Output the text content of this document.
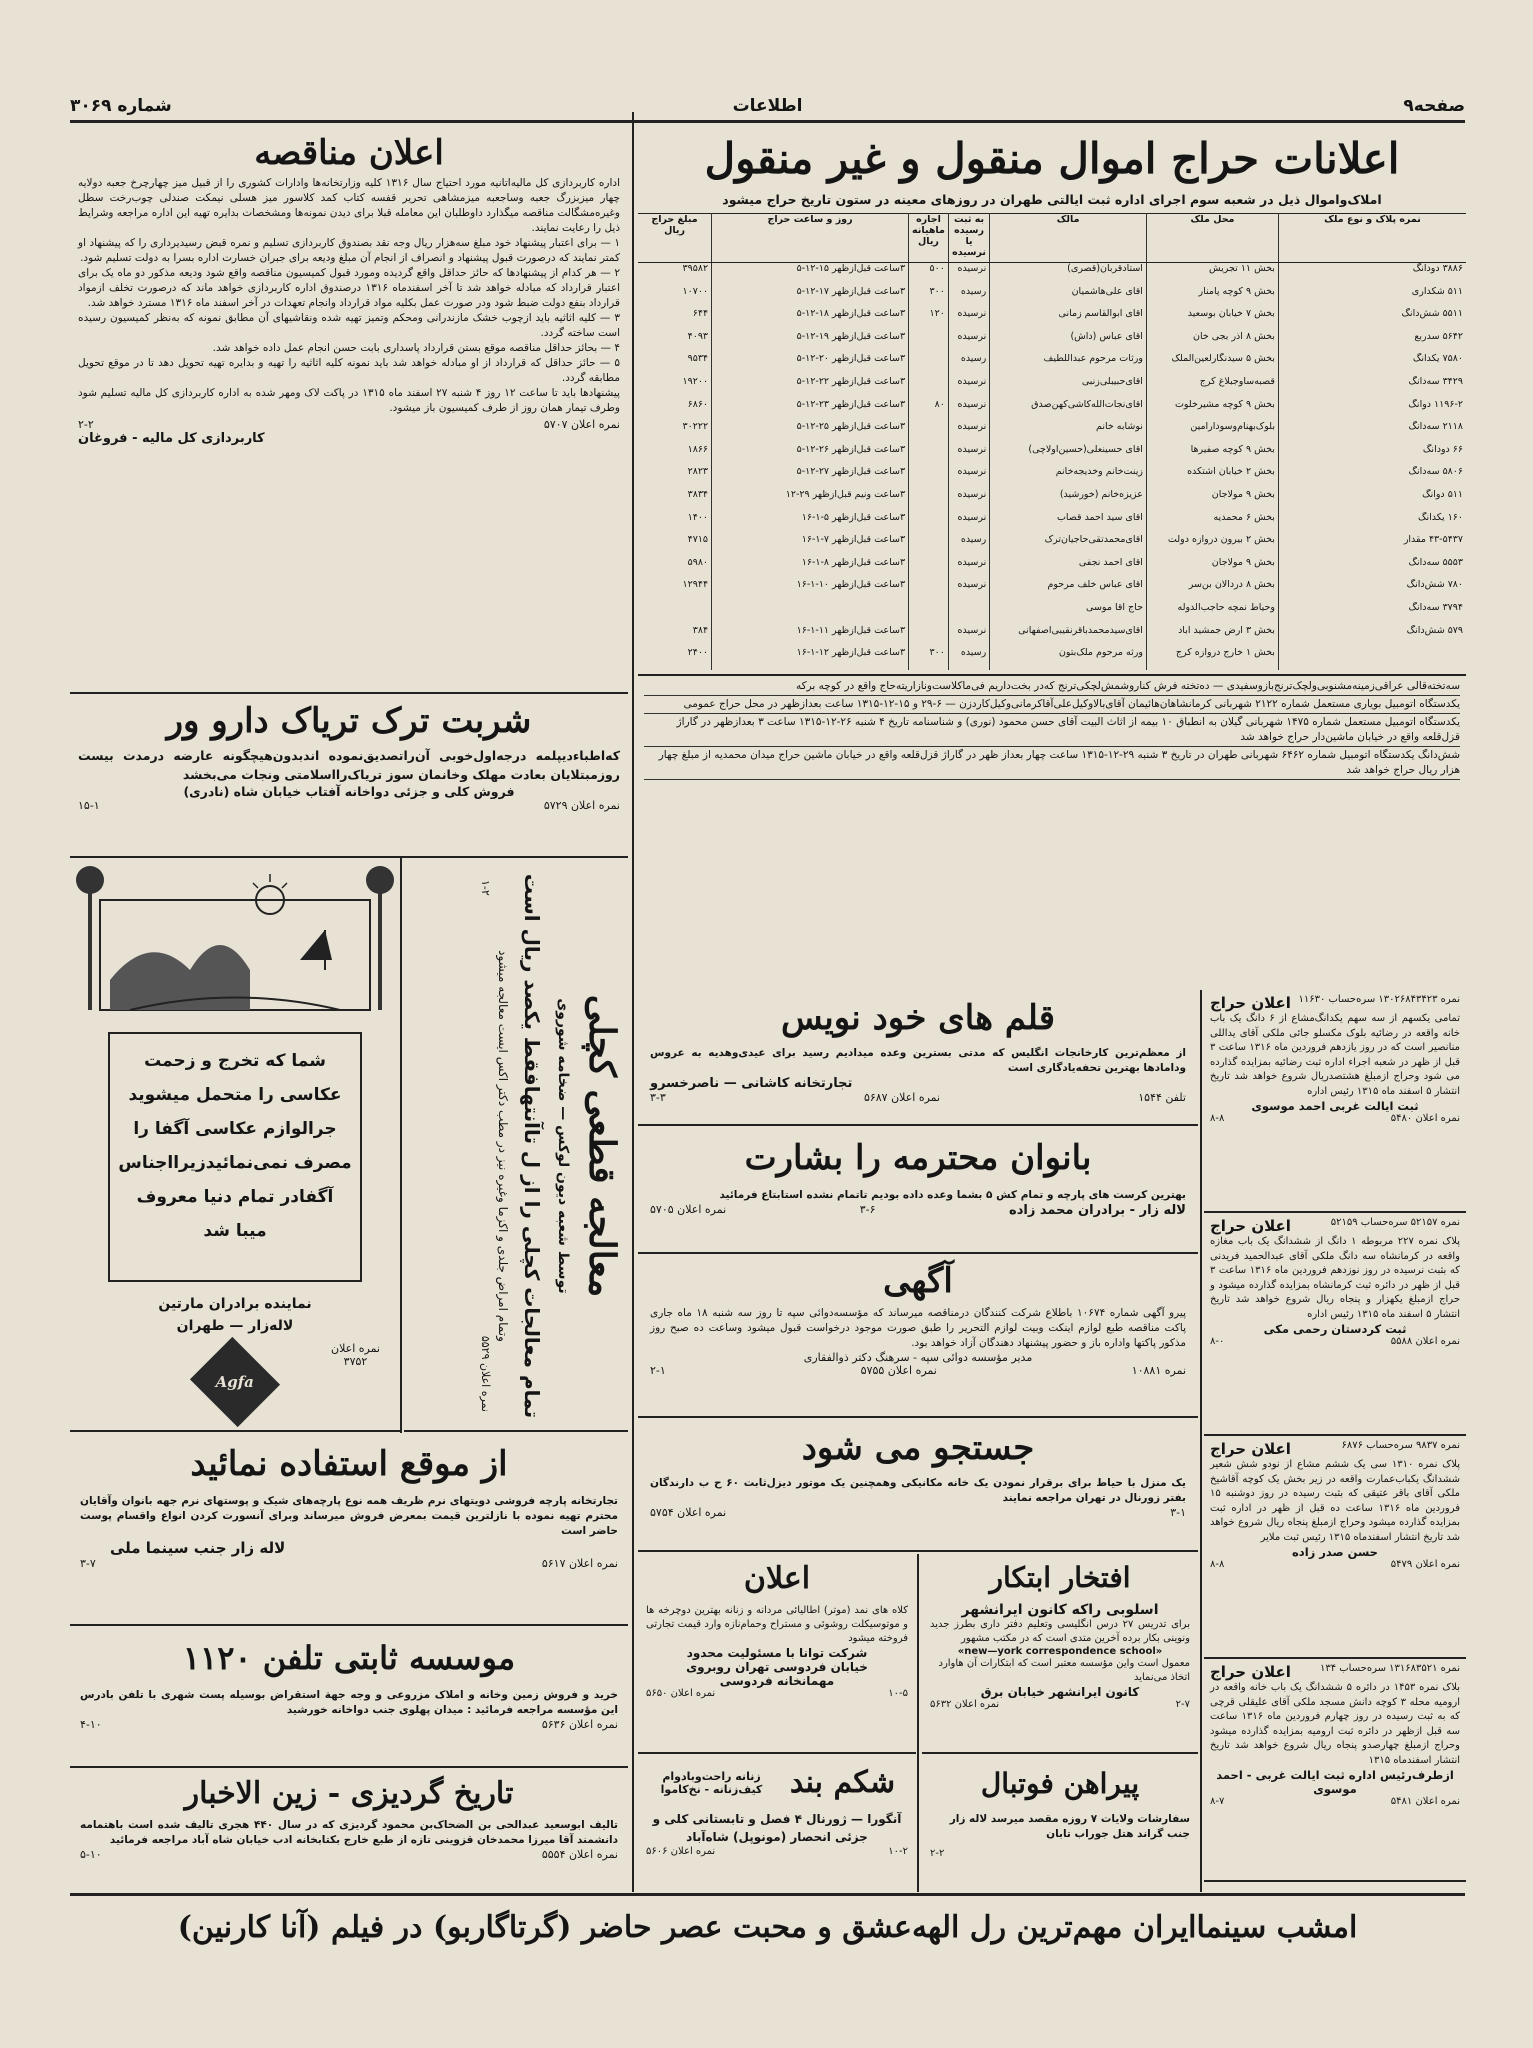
صفحه۹
اطلاعات
شماره ۳۰۶۹
اعلانات حراج اموال منقول و غیر منقول
املاک‌واموال ذیل در شعبه سوم اجرای اداره ثبت ایالتی طهران در روزهای معینه در ستون تاریخ حراج میشود
نمره پلاک و نوع ملک	محل ملک	مالک	به ثبت رسیده یا نرسیده	اجاره ماهیانه ریال	روز و ساعت حراج	مبلغ حراج ریال
۳۸۸۶ دودانگ	بخش ۱۱ تجریش	استادقربان(قصری)	نرسیده	۵۰۰	۳ساعت قبل‌ازظهر ۱۵-۱۲-۵	۳۹۵۸۲
۵۱۱ شکداری	بخش ۹ کوچه پامنار	آقای علی‌هاشمیان	رسیده	۳۰۰	۳ساعت قبل‌ازظهر ۱۷-۱۲-۵	۱۰۷۰۰
۵۵۱۱ شش‌دانگ	بخش ۷ خیابان بوسعید	آقای ابوالقاسم زمانی	نرسیده	۱۲۰	۳ساعت قبل‌ازظهر ۱۸-۱۲-۵	۶۴۴
۵۶۴۲ سدربع	بخش ۸ آذر بجی خان	آقای عباس (داش)	نرسیده		۳ساعت قبل‌ازظهر ۱۹-۱۲-۵	۴۰۹۳
۷۵۸۰ یکدانگ	بخش ۵ سیدنگارلعین‌الملک	ورثات مرحوم عبداللطیف	رسیده		۳ساعت قبل‌ازظهر ۲۰-۱۲-۵	۹۵۳۴
۳۴۲۹ سه‌دانگ	قصبه‌ساوجبلاغ کرج	آقای‌حبیبلی‌زنبی	نرسیده		۳ساعت قبل‌ازظهر ۲۲-۱۲-۵	۱۹۲۰۰
۱۱۹۶-۲ دوانگ	بخش ۹ کوچه مشیرخلوت	آقای‌نجات‌الله‌کاشی‌کهن‌صدق	نرسیده	۸۰	۳ساعت قبل‌ازظهر ۲۳-۱۲-۵	۶۸۶۰
۲۱۱۸ سه‌دانگ	بلوک‌بهنام‌وسودار‌امین	نوشابه خانم	نرسیده		۳ساعت قبل‌ازظهر ۲۵-۱۲-۵	۳۰۲۲۲
۶۶ دودانگ	بخش ۹ کوچه صفیرها	آقای حسینعلی(حسین‌اولاچی)	نرسیده		۳ساعت قبل‌ازظهر ۲۶-۱۲-۵	۱۸۶۶
۵۸۰۶ سه‌دانگ	بخش ۲ خیابان آشتکده	زینت‌خانم وخدیجه‌خانم	نرسیده		۳ساعت قبل‌ازظهر ۲۷-۱۲-۵	۲۸۲۳
۵۱۱ دوانگ	بخش ۹ مولاجان	عزیزه‌خانم (خورشید)	نرسیده		۳ساعت ونیم قبل‌ازظهر ۲۹-۱۲	۳۸۳۴
۱۶۰ یکدانگ	بخش ۶ محمدیه	آقای سید احمد قصاب	نرسیده		۳ساعت قبل‌ازظهر ۵-۱-۱۶	۱۴۰۰
۴۳-۵۴۳۷ مقدار	بخش ۲ بیرون دروازه دولت	آقای‌محمدتقی‌حاجیان‌ترک	رسیده		۳ساعت قبل‌ازظهر ۷-۱-۱۶	۴۷۱۵
۵۵۵۳ سه‌دانگ	بخش ۹ مولاجان	آقای احمد نجفی	نرسیده		۳ساعت قبل‌ازظهر ۸-۱-۱۶	۵۹۸۰
۷۸۰ شش‌دانگ	بخش ۸ دردالان بن‌سر	آقای عباس خلف مرحوم	نرسیده		۳ساعت قبل‌ازظهر ۱۰-۱-۱۶	۱۲۹۴۴
۳۷۹۴ سه‌دانگ	وحیاط نمچه حاجب‌الدوله	حاج آقا موسی				
۵۷۹ شش‌دانگ	بخش ۳ ارض جمشید آباد	آقای‌سیدمحمدباقر‌نقیبی‌اصفهانی	نرسیده		۳ساعت قبل‌ازظهر ۱۱-۱-۱۶	۳۸۴
	بخش ۱ خارج دروازه کرج	ورثه مرحوم ملک‌بتون	رسیده	۳۰۰	۳ساعت قبل‌ازظهر ۱۲-۱-۱۶	۲۴۰۰
سه‌تخته‌قالی عراقی‌زمینه‌مشنوبی‌ولچک‌ترنج‌بازوسفیدی — ده‌تخته فرش کناروشمش‌لچکی‌ترنج که‌در بخت‌داریم فی‌ماکلاست‌ونازاریته‌حاج واقع در کوچه برکه
یکدستگاه اتومبیل بویاری مستعمل شماره ۲۱۲۲ شهربانی کرمانشاهان‌هائیمان آقای‌بالاوکیل‌علی‌آقا‌کرمانی‌وکیل‌کاردزن — ۶-۲۹ و ۱۵-۱۲-۱۳۱۵ ساعت بعدازظهر در محل حراج عمومی
یکدستگاه اتومبیل مستعمل شماره ۱۴۷۵ شهربانی گیلان به انطباق ۱۰ بیمه از اثاث البیت آقای حسن محمود (نوری) و شناسنامه تاریخ ۴ شنبه ۲۶-۱۲-۱۳۱۵ ساعت ۳ بعدازظهر در گاراژ قزل‌قلعه واقع در خیابان ماشین‌دار حراج خواهد شد
شش‌دانگ یکدستگاه اتومبیل شماره ۶۴۶۲ شهربانی طهران در تاریخ ۳ شنبه ۲۹-۱۲-۱۳۱۵ ساعت چهار بعداز ظهر در گاراژ قزل‌قلعه واقع در خیابان ماشین حراج میدان محمدیه از مبلغ چهار هزار ریال حراج خواهد شد
اعلان مناقصه
اداره کاربردازی کل مالیه‌اتانیه مورد احتیاج سال ۱۳۱۶ کلیه وزارتخانه‌ها وادارات کشوری را از قبیل میز چهار‌چرخ جعبه دولایه چهار میز‌بزرگ جعبه وساجعبه میزمشاهی تحریر قفسه کتاب کمد کلاسور میز هسلی نیمکت صندلی چوب‌رخت سطل وغیره‌مشگالت مناقصه میگذارد داوطلبان این معامله قبلا برای دیدن نمونه‌ها ومشخصات بدایره تهیه این اداره مراجعه وشرایط ذیل را رعایت نمایند.
۱ — برای اعتبار پیشنهاد خود مبلغ سه‌هزار ریال وجه نقد بصندوق کاربردازی تسلیم و نمره قبض رسیدیرداری را که پیشنهاد او کمتر نمایند که درصورت قبول پیشنهاد و انصراف از انجام آن مبلغ ودیعه برای جبران خسارت اداره بسرا به دولت تسلیم شود.
۲ — هر کدام از پیشنهادها که حائز حداقل واقع گردیده ومورد قبول کمیسیون مناقصه واقع شود ودیعه مذکور دو ماه یک برای اعتبار قرارداد که مبادله خواهد شد تا آخر اسفندماه ۱۳۱۶ درصندوق اداره کاربردازی خواهد ماند که درصورت تخلف ازمواد قرارداد بنفع دولت ضبط شود ودر صورت عمل بکلیه مواد قرارداد وانجام تعهدات در آخر اسفند ماه ۱۳۱۶ مسترد خواهد شد.
۳ — کلیه اثاثیه باید ازچوب خشک مازندرانی ومحکم وتمیز تهیه شده ونقاشیهای آن مطابق نمونه که به‌نظر کمیسیون رسیده است ساخته گردد.
۴ — بحائز حداقل مناقصه موقع بستن قرارداد پاسداری بابت حسن انجام عمل داده خواهد شد.
۵ — حائز حداقل که قرارداد از او مبادله خواهد شد باید نمونه کلیه اثاثیه را تهیه و بدایره تهیه تحویل دهد تا در موقع تحویل مطابقه گردد.
پیشنهادها باید تا ساعت ۱۲ روز ۴ شنبه ۲۷ اسفند ماه ۱۳۱۵ در پاکت لاک ومهر شده به اداره کاربردازی کل مالیه تسلیم شود وطرف تیمار همان روز از طرف کمیسیون باز میشود.
نمره اعلان ۵۷۰۷
۲-۲
کاربردازی کل مالیه - فروغان
شربت ترک تریاک دارو ور
که‌اطباءدیپلمه درجه‌اول‌خوبی آن‌را‌تصدیق‌نموده اندبدون‌هیچگونه عارضه درمدت بیست روزمبتلایان بعادت مهلک وخانمان سوز تریاک‌رااسلامتی ونجات می‌بخشد
فروش کلی و جزئی دواخانه آفتاب خیابان شاه (نادری)
نمره اعلان ۵۷۲۹
۱۵-۱
شما که تخرج و زحمت
عکاسی را متحمل میشوید
جرالوازم عکاسی آگفا را
مصرف نمی‌نمائیدزیرااجناس
آگفادر تمام دنیا معروف
میبا شد
نماینده برادران مارتین
لاله‌زار — طهران
نمره اعلان
۳۷۵۲
Agfa
معالجه قطعی کچلی
توسط شعبه دیون لوکس — ضخامه شوروی
تمام معالجات کچلی را از ل تاآنتهافقط یکصد ریال است
وتمام امراض جلدی و اکزما وغیره نیز در مطب دکتر اکس ایست معالجه میشود
نمره اعلان ۵۵۲۹
۱-۲
از موقع استفاده نمائید
تجارتخانه پارچه فروشی دویتهای نرم ظریف همه نوع پارچه‌های شیک و پوستهای نرم جهه بانوان وآقایان محترم تهیه نموده با نازلترین قیمت بمعرض فروش میرساند وبرای آنسورت کردن انواع واقسام پوست حاضر است
لاله زار جنب سینما ملی
نمره اعلان ۵۶۱۷
۳-۷
موسسه ثابتی تلفن ۱۱۲۰
خرید و فروش زمین وخانه و املاک مزروعی و وجه جهة استقراض بوسیله پست شهری با تلفن بادرس این مؤسسه مراجعه فرمائید : میدان پهلوی جنب دواخانه خورشید
نمره اعلان ۵۶۳۶
۴-۱۰
تاریخ گردیزی - زین الاخبار
تالیف ابوسعید عبدالحی بن الضحاک‌بن محمود گردیزی که در سال ۴۴۰ هجری تالیف شده است باهتمامه دانشمند آقا میرزا محمدخان قزوینی تازه از طبع خارج بکتابخانه ادب خیابان شاه آباد مراجعه فرمائید
نمره اعلان ۵۵۵۴
۵-۱۰
قلم های خود نویس
از معظم‌ترین کارخانجات انگلیس که مدتی بسترین وعده میدادیم رسید برای عیدی‌وهدیه به عروس ودامادها بهترین تحفه‌یادگاری است
تجارتخانه کاشانی — ناصرخسرو
تلفن ۱۵۴۴
نمره اعلان ۵۶۸۷
۳-۳
بانوان محترمه را بشارت
بهترین کرست های پارچه و تمام کش ۵ بشما وعده داده بودیم تاتمام نشده استابتاع فرمائید
لاله زار - برادران محمد زاده
۳-۶
نمره اعلان ۵۷۰۵
آگهی
پیرو آگهی شماره ۱۰۶۷۴ باطلاع شرکت کنندگان درمناقصه میرساند که مؤسسه‌دوائی سپه تا روز سه شنبه ۱۸ ماه جاری پاکت مناقصه طبع لوازم اینکت وبیت لوازم التحریر را طبق صورت موجود درخواست قبول میشود وساعت ده صبح روز مذکور پاکتها واداره باز و حضور پیشنهاد دهندگان آزاد خواهد بود.
مدیر مؤسسه دوائی سپه - سرهنگ دکتر ذوالفقاری
نمره ۱۰۸۸۱
نمره اعلان ۵۷۵۵
۲-۱
جستجو می شود
یک منزل با حیاط برای برقرار نمودن یک خانه مکانیکی وهمچنین یک موتور دیزل‌ثابت ۶۰ ح ب دارندگان بفتر زورنال در تهران مراجعه نمایند
۳-۱
نمره اعلان ۵۷۵۴
افتخار ابتکار
اسلوبی راکه کانون ایرانشهر
برای تدریس ۲۷ درس انگلیسی وتعلیم دفتر داری بطرز جدید ونوینی بکار برده آخرین متدی است که در مکتب مشهور
«new—york correspondence school»
معمول است واین مؤسسه معتبر است که ابتکارات آن هاوارد اتخاذ می‌نماید
کانون ایرانشهر خیابان برق
۲-۷
نمره اعلان ۵۶۳۲
اعلان
کلاه های نمد (موتر) اطالیائی مردانه و زنانه بهترین دوچرخه ها و موتوسیکلت روشوئی و مستراح وحمام‌نازه وارد قیمت تجارتی فروخته میشود
شرکت توانا با مسئولیت محدود
خیابان فردوسی تهران روبروی
مهمانخانه فردوسی
۱۰-۵
نمره اعلان ۵۶۵۰
پیراهن فوتبال
سفارشات ولایات ۷ روزه مقصد میرسد لاله زار جنب گراند هتل جوراب تابان
۲-۲
شکم بند
زنانه راحت‌وبادوام
کیف‌زنانه - نخ‌کاموا
آنگورا — ژورنال ۴ فصل و تابستانی کلی و جزئی انحصار (مونوپل) شاه‌آباد
۱۰-۲
نمره اعلان ۵۶۰۶
نمره ۱۳۰۲۶۸۴۳۴۲۳ سره‌حساب ۱۱۶۳۰
اعلان حراج
تمامی یکسهم از سه سهم یکدانگ‌مشاع از ۶ دانگ یک باب خانه واقعه در رضائیه بلوک مکسلو جائی ملکی آقای یداللی منانصیر است که در روز یازدهم فروردین ماه ۱۳۱۶ ساعت ۳ قبل از ظهر در شعبه اجراء اداره ثبت رضائیه بمزایده گذارده می شود وحراج ازمبلغ هشتصدریال شروع خواهد شد تاریخ انتشار ۵ اسفند ماه ۱۳۱۵ رئیس اداره
ثبت ایالت غربی احمد موسوی
نمره اعلان ۵۴۸۰
۸-۸
نمره ۵۲۱۵۷ سره‌حساب ۵۲۱۵۹
اعلان حراج
پلاک نمره ۲۲۷ مربوطه ۱ دانگ از ششدانگ یک باب مغازه واقعه در کرمانشاه سه دانگ ملکی آقای عبدالحمید فریدنی که بثبت نرسیده در روز نوزدهم فروردین ماه ۱۳۱۶ ساعت ۳ قبل از ظهر در دائره ثبت کرمانشاه بمزایده گذارده میشود و حراج ازمبلغ یکهزار و پنجاه ریال شروع خواهد شد تاریخ انتشار ۵ اسفند ماه ۱۳۱۵ رئیس اداره
ثبت کردستان رحمی مکی
نمره اعلان ۵۵۸۸
۸-۰
نمره ۹۸۳۷ سره‌حساب ۶۸۷۶
اعلان حراج
پلاک نمره ۱۳۱۰ سی یک ششم مشاع از نودو شش شعیر ششدانگ یکباب‌عمارت واقعه در زیر بخش یک کوچه آقاشیخ ملکی آقای باقر عتیقی که بثبت رسیده در روز دوشنبه ۱۵ فروردین ماه ۱۳۱۶ ساعت ده قبل از ظهر در اداره ثبت بمزایده گذارده میشود وحراج ازمبلغ پنجاه ریال شروع خواهد شد تاریخ انتشار اسفندماه ۱۳۱۵ رئیس ثبت ملایر
حسن صدر زاده
نمره اعلان ۵۴۷۹
۸-۸
نمره ۱۳۱۶۸۳۵۲۱ سره‌حساب ۱۳۴
اعلان حراج
بلاک نمره ۱۴۵۳ در دائره ۵ ششدانگ یک باب خانه واقعه در ارومیه محله ۳ کوچه دانش مسجد ملکی آقای علیقلی قرچی که به ثبت رسیده در روز چهارم فروردین ماه ۱۳۱۶ ساعت سه قبل ازظهر در دائره ثبت ارومیه بمزایده گذارده میشود وحراج ازمبلغ چهارصدو پنجاه ریال شروع خواهد شد تاریخ انتشار اسفندماه ۱۳۱۵
ازطرف‌رئیس اداره ثبت ایالت غربی - احمد موسوی
نمره اعلان ۵۴۸۱
۸-۷
امشب سینماایران مهم‌ترین رل الهه‌عشق و محبت عصر حاضر (گرتاگاربو) در فیلم (آنا کارنین)
